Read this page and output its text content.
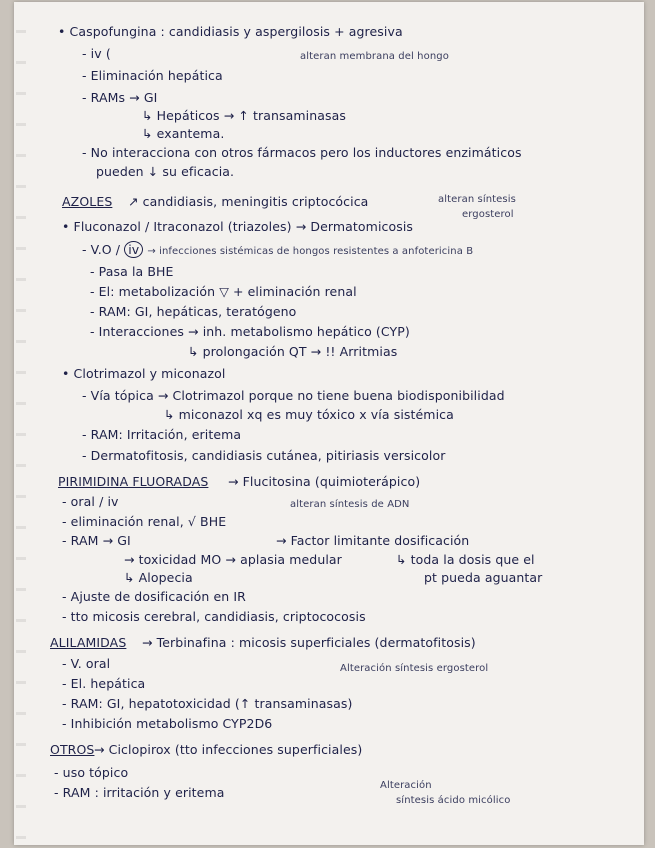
• Caspofungina : candidiasis y aspergilosis + agresiva
- iv (	alteran membrana del hongo
- Eliminación hepática
- RAMs → GI
↳ Hepáticos → ↑ transaminasas
↳ exantema.
- No interacciona con otros fármacos pero los inductores enzimáticos
pueden ↓ su eficacia.
AZOLES ↗ candidiasis, meningitis criptocócica	alteran síntesis
ergosterol
• Fluconazol / Itraconazol (triazoles) → Dermatomicosis
- V.O / iv → infecciones sistémicas de hongos resistentes a anfotericina B
- Pasa la BHE
- El: metabolización ▽ + eliminación renal
- RAM: GI, hepáticas, teratógeno
- Interacciones → inh. metabolismo hepático (CYP)
↳ prolongación QT → !! Arritmias
• Clotrimazol y miconazol
- Vía tópica → Clotrimazol porque no tiene buena biodisponibilidad
↳ miconazol xq es muy tóxico x vía sistémica
- RAM: Irritación, eritema
- Dermatofitosis, candidiasis cutánea, pitiriasis versicolor
PIRIMIDINA FLUORADAS → Flucitosina (quimioterápico)
- oral / iv	alteran síntesis de ADN
- eliminación renal, √ BHE
- RAM → GI	→ Factor limitante dosificación
→ toxicidad MO → aplasia medular	↳ toda la dosis que el
↳ Alopecia	pt pueda aguantar
- Ajuste de dosificación en IR
- tto micosis cerebral, candidiasis, criptococosis
ALILAMIDAS → Terbinafina : micosis superficiales (dermatofitosis)
- V. oral	Alteración síntesis ergosterol
- El. hepática
- RAM: GI, hepatotoxicidad (↑ transaminasas)
- Inhibición metabolismo CYP2D6
OTROS → Ciclopirox (tto infecciones superficiales)
- uso tópico
- RAM : irritación y eritema	Alteración
síntesis ácido micólico
